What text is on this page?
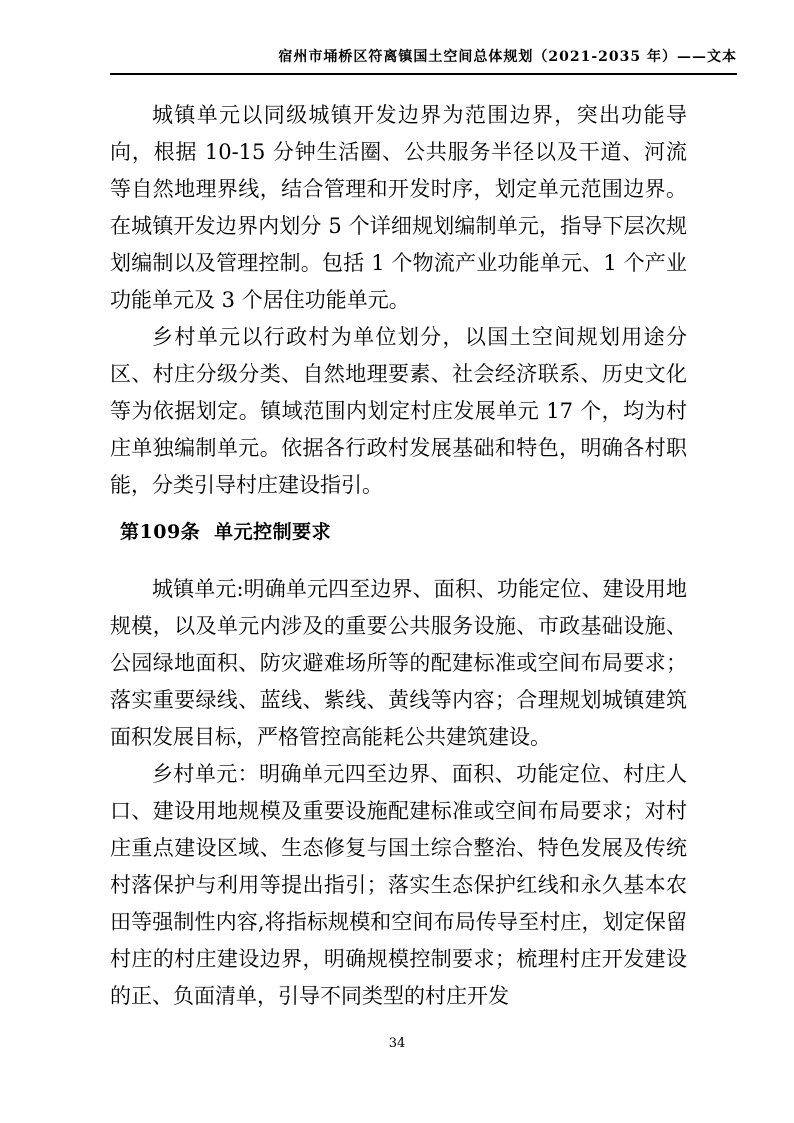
宿州市埇桥区符离镇国土空间总体规划（2021-2035 年）——文本

城镇单元以同级城镇开发边界为范围边界，突出功能导向，根据 10-15 分钟生活圈、公共服务半径以及干道、河流等自然地理界线，结合管理和开发时序，划定单元范围边界。在城镇开发边界内划分 5 个详细规划编制单元，指导下层次规划编制以及管理控制。包括 1 个物流产业功能单元、1 个产业功能单元及 3 个居住功能单元。

乡村单元以行政村为单位划分，以国土空间规划用途分区、村庄分级分类、自然地理要素、社会经济联系、历史文化等为依据划定。镇域范围内划定村庄发展单元 17 个，均为村庄单独编制单元。依据各行政村发展基础和特色，明确各村职能，分类引导村庄建设指引。

第109条 单元控制要求

城镇单元:明确单元四至边界、面积、功能定位、建设用地规模，以及单元内涉及的重要公共服务设施、市政基础设施、公园绿地面积、防灾避难场所等的配建标准或空间布局要求；落实重要绿线、蓝线、紫线、黄线等内容；合理规划城镇建筑面积发展目标，严格管控高能耗公共建筑建设。

乡村单元：明确单元四至边界、面积、功能定位、村庄人口、建设用地规模及重要设施配建标准或空间布局要求；对村庄重点建设区域、生态修复与国土综合整治、特色发展及传统村落保护与利用等提出指引；落实生态保护红线和永久基本农田等强制性内容,将指标规模和空间布局传导至村庄，划定保留村庄的村庄建设边界，明确规模控制要求；梳理村庄开发建设的正、负面清单，引导不同类型的村庄开发

34
